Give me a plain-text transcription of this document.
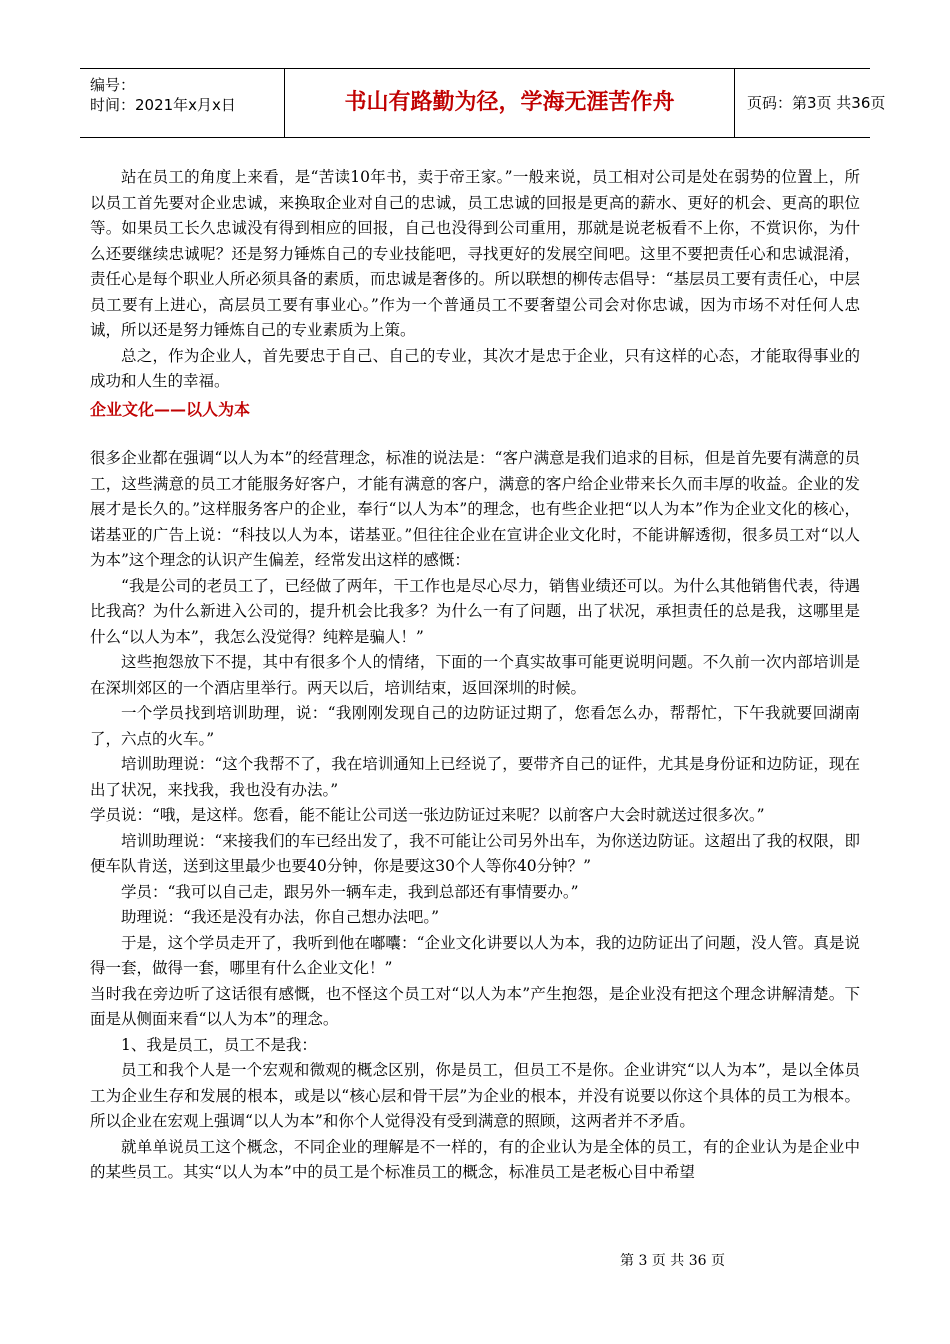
编号：
时间：2021年x月x日	书山有路勤为径，学海无涯苦作舟	页码：第3页 共36页

站在员工的角度上来看，是“苦读10年书，卖于帝王家。”一般来说，员工相对公司是处在弱势的位置上，所以员工首先要对企业忠诚，来换取企业对自己的忠诚，员工忠诚的回报是更高的薪水、更好的机会、更高的职位等。如果员工长久忠诚没有得到相应的回报，自己也没得到公司重用，那就是说老板看不上你，不赏识你，为什么还要继续忠诚呢？还是努力锤炼自己的专业技能吧，寻找更好的发展空间吧。这里不要把责任心和忠诚混淆，责任心是每个职业人所必须具备的素质，而忠诚是奢侈的。所以联想的柳传志倡导：“基层员工要有责任心，中层员工要有上进心，高层员工要有事业心。”作为一个普通员工不要奢望公司会对你忠诚，因为市场不对任何人忠诚，所以还是努力锤炼自己的专业素质为上策。

总之，作为企业人，首先要忠于自己、自己的专业，其次才是忠于企业，只有这样的心态，才能取得事业的成功和人生的幸福。

企业文化——以人为本

很多企业都在强调“以人为本”的经营理念，标准的说法是：“客户满意是我们追求的目标，但是首先要有满意的员工，这些满意的员工才能服务好客户，才能有满意的客户，满意的客户给企业带来长久而丰厚的收益。企业的发展才是长久的。”这样服务客户的企业，奉行“以人为本”的理念，也有些企业把“以人为本”作为企业文化的核心，诺基亚的广告上说：“科技以人为本，诺基亚。”但往往企业在宣讲企业文化时，不能讲解透彻，很多员工对“以人为本”这个理念的认识产生偏差，经常发出这样的感慨：

“我是公司的老员工了，已经做了两年，干工作也是尽心尽力，销售业绩还可以。为什么其他销售代表，待遇比我高？为什么新进入公司的，提升机会比我多？为什么一有了问题，出了状况，承担责任的总是我，这哪里是什么“以人为本”，我怎么没觉得？纯粹是骗人！”

这些抱怨放下不提，其中有很多个人的情绪，下面的一个真实故事可能更说明问题。不久前一次内部培训是在深圳郊区的一个酒店里举行。两天以后，培训结束，返回深圳的时候。

一个学员找到培训助理，说：“我刚刚发现自己的边防证过期了，您看怎么办，帮帮忙，下午我就要回湖南了，六点的火车。”

培训助理说：“这个我帮不了，我在培训通知上已经说了，要带齐自己的证件，尤其是身份证和边防证，现在出了状况，来找我，我也没有办法。”

学员说：“哦，是这样。您看，能不能让公司送一张边防证过来呢？以前客户大会时就送过很多次。”

培训助理说：“来接我们的车已经出发了，我不可能让公司另外出车，为你送边防证。这超出了我的权限，即便车队肯送，送到这里最少也要40分钟，你是要这30个人等你40分钟？”

学员：“我可以自己走，跟另外一辆车走，我到总部还有事情要办。”

助理说：“我还是没有办法，你自己想办法吧。”

于是，这个学员走开了，我听到他在嘟囔：“企业文化讲要以人为本，我的边防证出了问题，没人管。真是说得一套，做得一套，哪里有什么企业文化！”

当时我在旁边听了这话很有感慨，也不怪这个员工对“以人为本”产生抱怨，是企业没有把这个理念讲解清楚。下面是从侧面来看“以人为本”的理念。

1、我是员工，员工不是我：

员工和我个人是一个宏观和微观的概念区别，你是员工，但员工不是你。企业讲究“以人为本”，是以全体员工为企业生存和发展的根本，或是以“核心层和骨干层”为企业的根本，并没有说要以你这个具体的员工为根本。所以企业在宏观上强调“以人为本”和你个人觉得没有受到满意的照顾，这两者并不矛盾。

就单单说员工这个概念，不同企业的理解是不一样的，有的企业认为是全体的员工，有的企业认为是企业中的某些员工。其实“以人为本”中的员工是个标准员工的概念，标准员工是老板心目中希望

第 3 页 共 36 页
